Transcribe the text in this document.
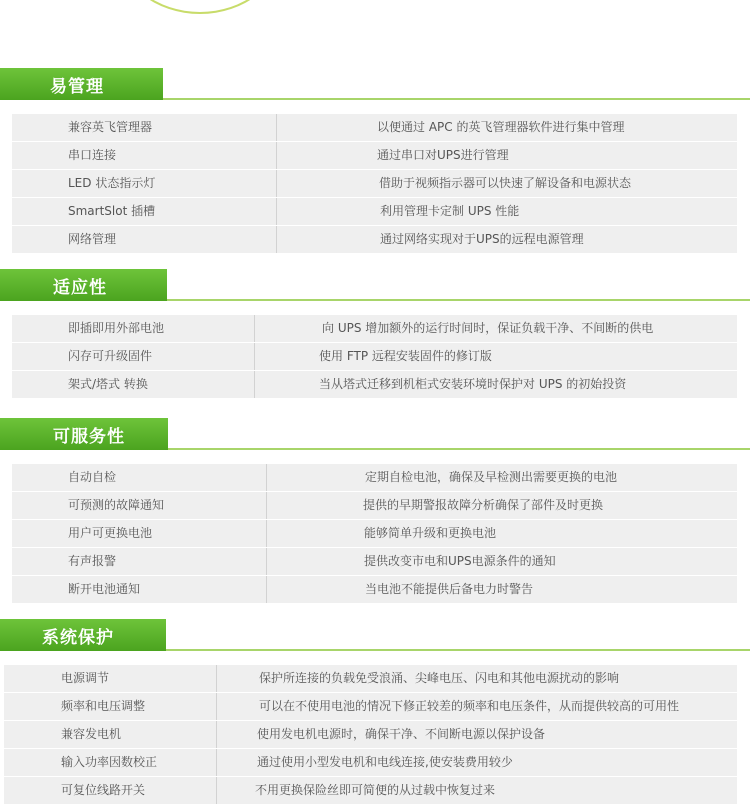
易管理
兼容英飞管理器	以便通过 APC 的英飞管理器软件进行集中管理
串口连接	通过串口对UPS进行管理
LED 状态指示灯	借助于视频指示器可以快速了解设备和电源状态
SmartSlot 插槽	利用管理卡定制 UPS 性能
网络管理	通过网络实现对于UPS的远程电源管理
适应性
即插即用外部电池	向 UPS 增加额外的运行时间时，保证负载干净、不间断的供电
闪存可升级固件	使用 FTP 远程安装固件的修订版
架式/塔式 转换	当从塔式迁移到机柜式安装环境时保护对 UPS 的初始投资
可服务性
自动自检	定期自检电池，确保及早检测出需要更换的电池
可预测的故障通知	提供的早期警报故障分析确保了部件及时更换
用户可更换电池	能够简单升级和更换电池
有声报警	提供改变市电和UPS电源条件的通知
断开电池通知	当电池不能提供后备电力时警告
系统保护
电源调节	保护所连接的负载免受浪涌、尖峰电压、闪电和其他电源扰动的影响
频率和电压调整	可以在不使用电池的情况下修正较差的频率和电压条件，从而提供较高的可用性
兼容发电机	使用发电机电源时，确保干净、不间断电源以保护设备
输入功率因数校正	通过使用小型发电机和电线连接,使安装费用较少
可复位线路开关	不用更换保险丝即可简便的从过载中恢复过来
